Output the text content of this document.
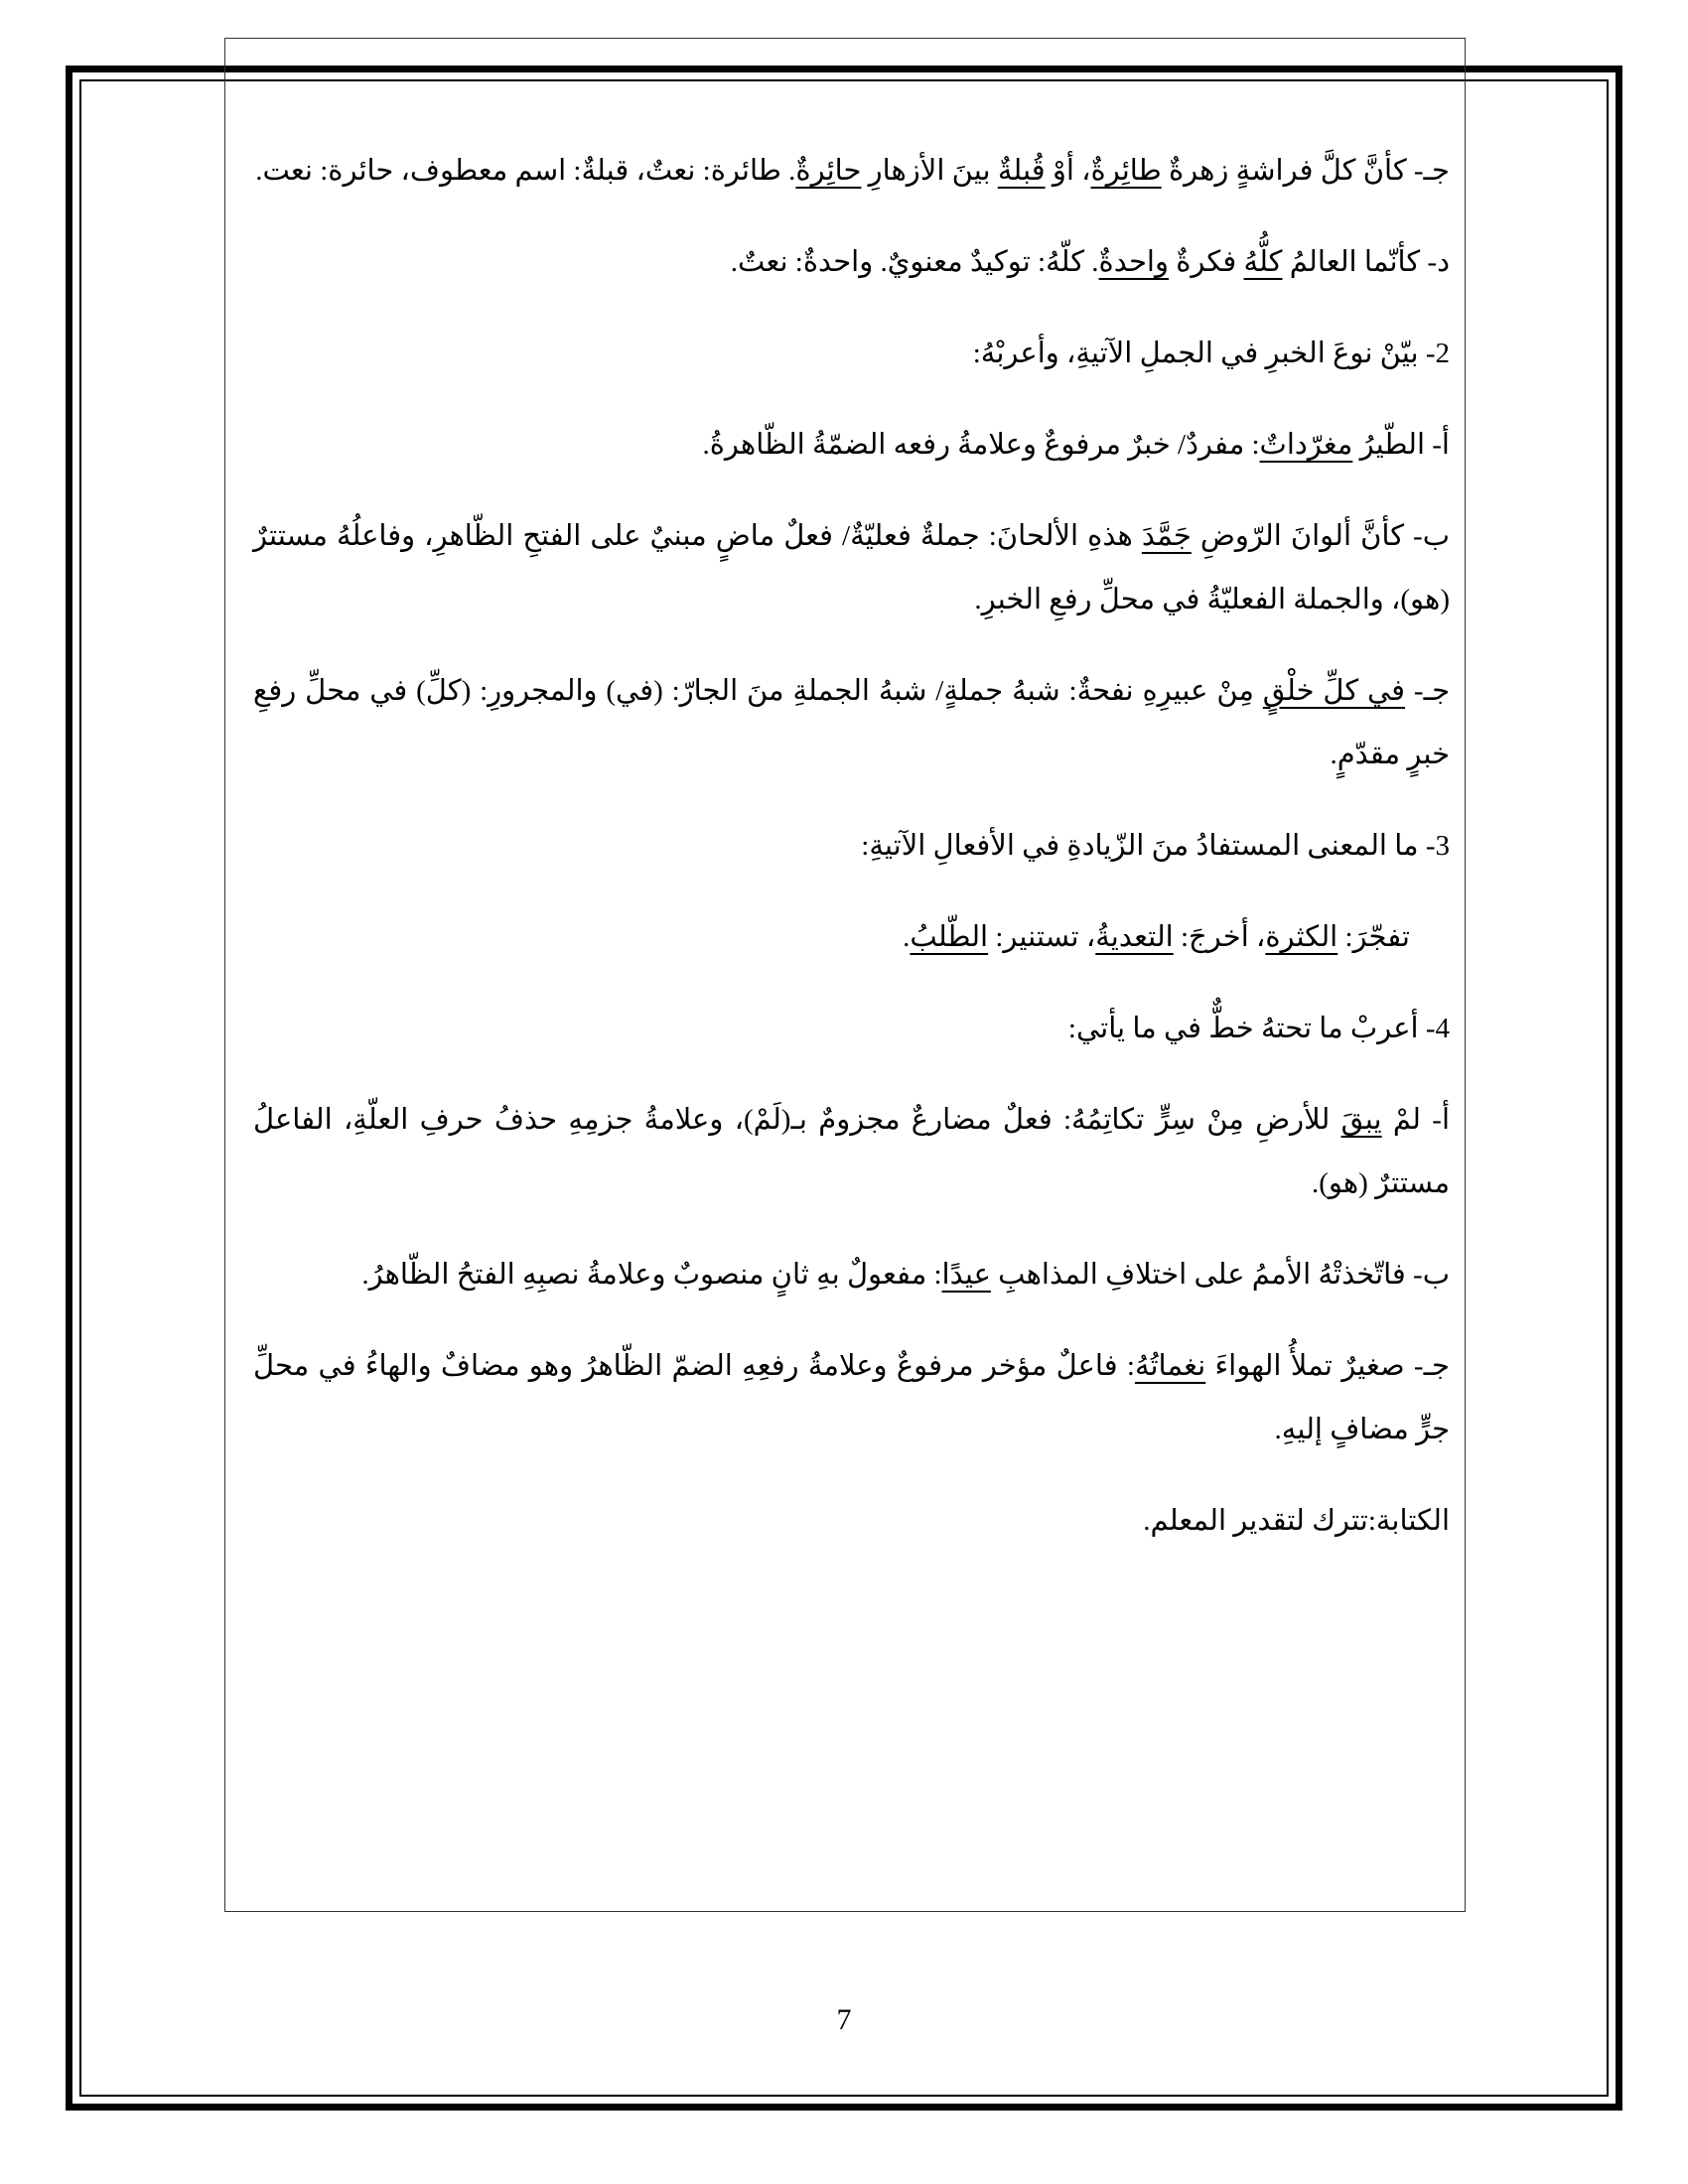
جـ- كأنَّ كلَّ فراشةٍ زهرةٌ طائِرةٌ، أوْ قُبلةٌ بينَ الأزهارِ حائِرةٌ. طائرة: نعتٌ، قبلةٌ: اسم معطوف، حائرة: نعت.
د- كأنّما العالمُ كلُّهُ فكرةٌ واحدةٌ. كلّهُ: توكيدٌ معنويٌ. واحدةٌ: نعتٌ.
2- بيّنْ نوعَ الخبرِ في الجملِ الآتيةِ، وأعربْهُ:
أ- الطّيرُ مغرّداتٌ: مفردٌ/ خبرٌ مرفوعٌ وعلامةُ رفعه الضمّةُ الظّاهرةُ.
ب- كأنَّ ألوانَ الرّوضِ جَمَّدَ هذهِ الألحانَ: جملةٌ فعليّةٌ/ فعلٌ ماضٍ مبنيٌ على الفتحِ الظّاهرِ، وفاعلُهُ مستترٌ (هو)، والجملة الفعليّةُ في محلِّ رفعِ الخبرِ.
جـ- في كلِّ خلْقٍ مِنْ عبيرِهِ نفحةٌ: شبهُ جملةٍ/ شبهُ الجملةِ منَ الجارّ: (في) والمجرورِ: (كلِّ) في محلِّ رفعِ خبرٍ مقدّمٍ.
3- ما المعنى المستفادُ منَ الزّيادةِ في الأفعالِ الآتيةِ:
تفجّرَ: الكثرة، أخرجَ: التعديةُ، تستنير: الطّلبُ.
4- أعربْ ما تحتهُ خطٌّ في ما يأتي:
أ- لمْ يبقَ للأرضِ مِنْ سِرٍّ تكاتِمُهُ: فعلٌ مضارعٌ مجزومٌ بـ(لَمْ)، وعلامةُ جزمِهِ حذفُ حرفِ العلّةِ، الفاعلُ مستترٌ (هو).
ب- فاتّخذتْهُ الأممُ على اختلافِ المذاهبِ عيدًا: مفعولٌ بهِ ثانٍ منصوبٌ وعلامةُ نصبِهِ الفتحُ الظّاهرُ.
جـ- صغيرٌ تملأُ الهواءَ نغماتُهُ: فاعلٌ مؤخر مرفوعٌ وعلامةُ رفعِهِ الضمّ الظّاهرُ وهو مضافٌ والهاءُ في محلِّ جرٍّ مضافٍ إليهِ.
الكتابة:تترك لتقدير المعلم.
7
